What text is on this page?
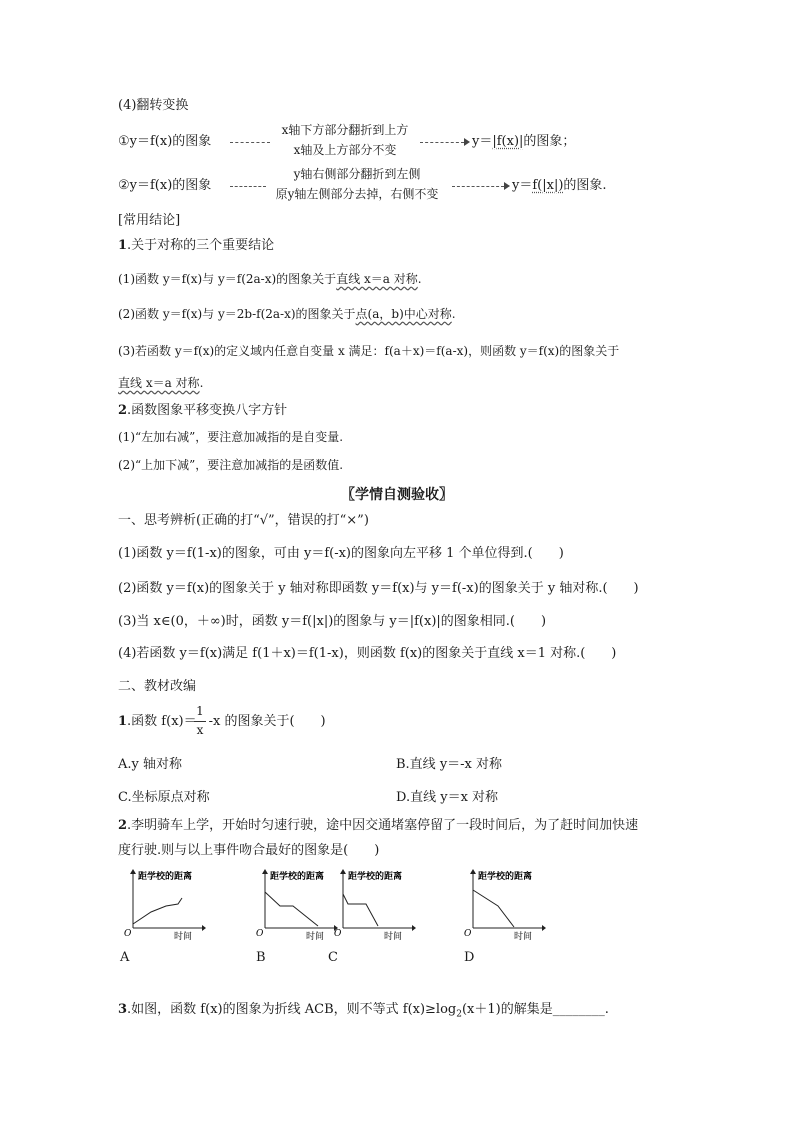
(4)翻转变换
①y＝f(x)的图象
x轴下方部分翻折到上方
x轴及上方部分不变
y＝|f(x)|的图象；
②y＝f(x)的图象
y轴右侧部分翻折到左侧
原y轴左侧部分去掉，右侧不变
y＝f(|x|)的图象.
[常用结论]
1.关于对称的三个重要结论
(1)函数 y＝f(x)与 y＝f(2a-x)的图象关于直线 x＝a 对称.
(2)函数 y＝f(x)与 y＝2b-f(2a-x)的图象关于点(a，b)中心对称.
(3)若函数 y＝f(x)的定义域内任意自变量 x 满足：f(a＋x)＝f(a-x)，则函数 y＝f(x)的图象关于
直线 x＝a 对称.
2.函数图象平移变换八字方针
(1)“左加右减”，要注意加减指的是自变量.
(2)“上加下减”，要注意加减指的是函数值.
〖学情自测验收〗
一、思考辨析(正确的打“√”，错误的打“×”)
(1)函数 y＝f(1-x)的图象，可由 y＝f(-x)的图象向左平移 1 个单位得到.(　　)
(2)函数 y＝f(x)的图象关于 y 轴对称即函数 y＝f(x)与 y＝f(-x)的图象关于 y 轴对称.(　　)
(3)当 x∈(0，＋∞)时，函数 y＝f(|x|)的图象与 y＝|f(x)|的图象相同.(　　)
(4)若函数 y＝f(x)满足 f(1＋x)＝f(1-x)，则函数 f(x)的图象关于直线 x＝1 对称.(　　)
二、教材改编
1.函数 f(x)＝ -x 的图象关于(　　)
1
x
A.y 轴对称	B.直线 y＝-x 对称
C.坐标原点对称	D.直线 y＝x 对称
2.李明骑车上学，开始时匀速行驶，途中因交通堵塞停留了一段时间后，为了赶时间加快速
度行驶.则与以上事件吻合最好的图象是(　　)
距学校的距离
O	时间
距学校的距离
O	时间
距学校的距离
O	时间
距学校的距离
O	时间
A	B	C	D
3.如图，函数 f(x)的图象为折线 ACB，则不等式 $f(x)\ge\log_2(x+1)$的解集是________.
